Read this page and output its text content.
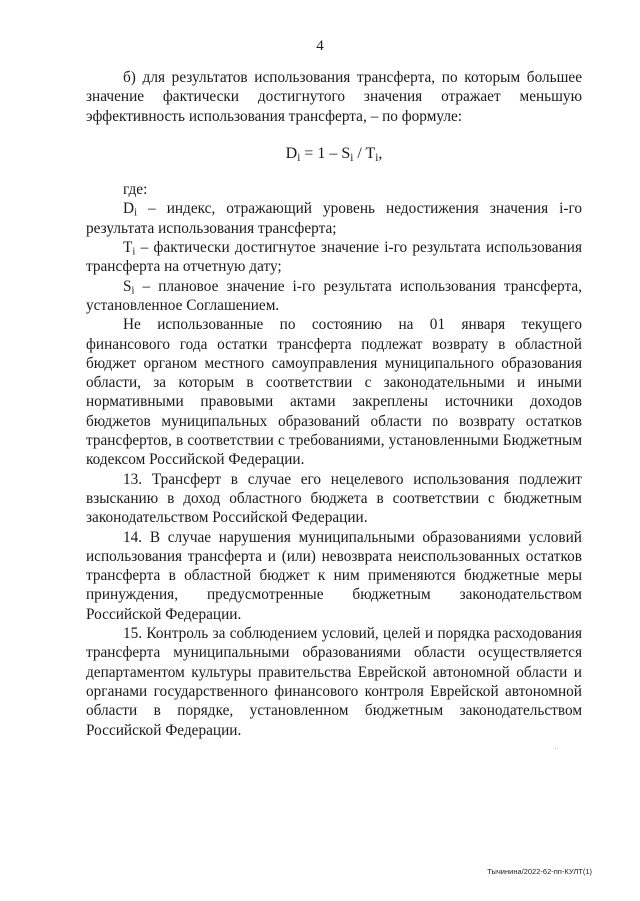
4

б) для результатов использования трансферта, по которым большее значение фактически достигнутого значения отражает меньшую эффективность использования трансферта, – по формуле:

$D_i = 1 - S_i / T_i$,

где:

$D_i$ – индекс, отражающий уровень недостижения значения i-го результата использования трансферта;

$T_i$ – фактически достигнутое значение i-го результата использования трансферта на отчетную дату;

$S_i$ – плановое значение i-го результата использования трансферта, установленное Соглашением.

Не использованные по состоянию на 01 января текущего финансового года остатки трансферта подлежат возврату в областной бюджет органом местного самоуправления муниципального образования области, за которым в соответствии с законодательными и иными нормативными правовыми актами закреплены источники доходов бюджетов муниципальных образований области по возврату остатков трансфертов, в соответствии с требованиями, установленными Бюджетным кодексом Российской Федерации.

13. Трансферт в случае его нецелевого использования подлежит взысканию в доход областного бюджета в соответствии с бюджетным законодательством Российской Федерации.

14. В случае нарушения муниципальными образованиями условий использования трансферта и (или) невозврата неиспользованных остатков трансферта в областной бюджет к ним применяются бюджетные меры принуждения, предусмотренные бюджетным законодательством Российской Федерации.

15. Контроль за соблюдением условий, целей и порядка расходования трансферта муниципальными образованиями области осуществляется департаментом культуры правительства Еврейской автономной области и органами государственного финансового контроля Еврейской автономной области в порядке, установленном бюджетным законодательством Российской Федерации.

Тычинина/2022-62-пп-КУЛТ(1)
